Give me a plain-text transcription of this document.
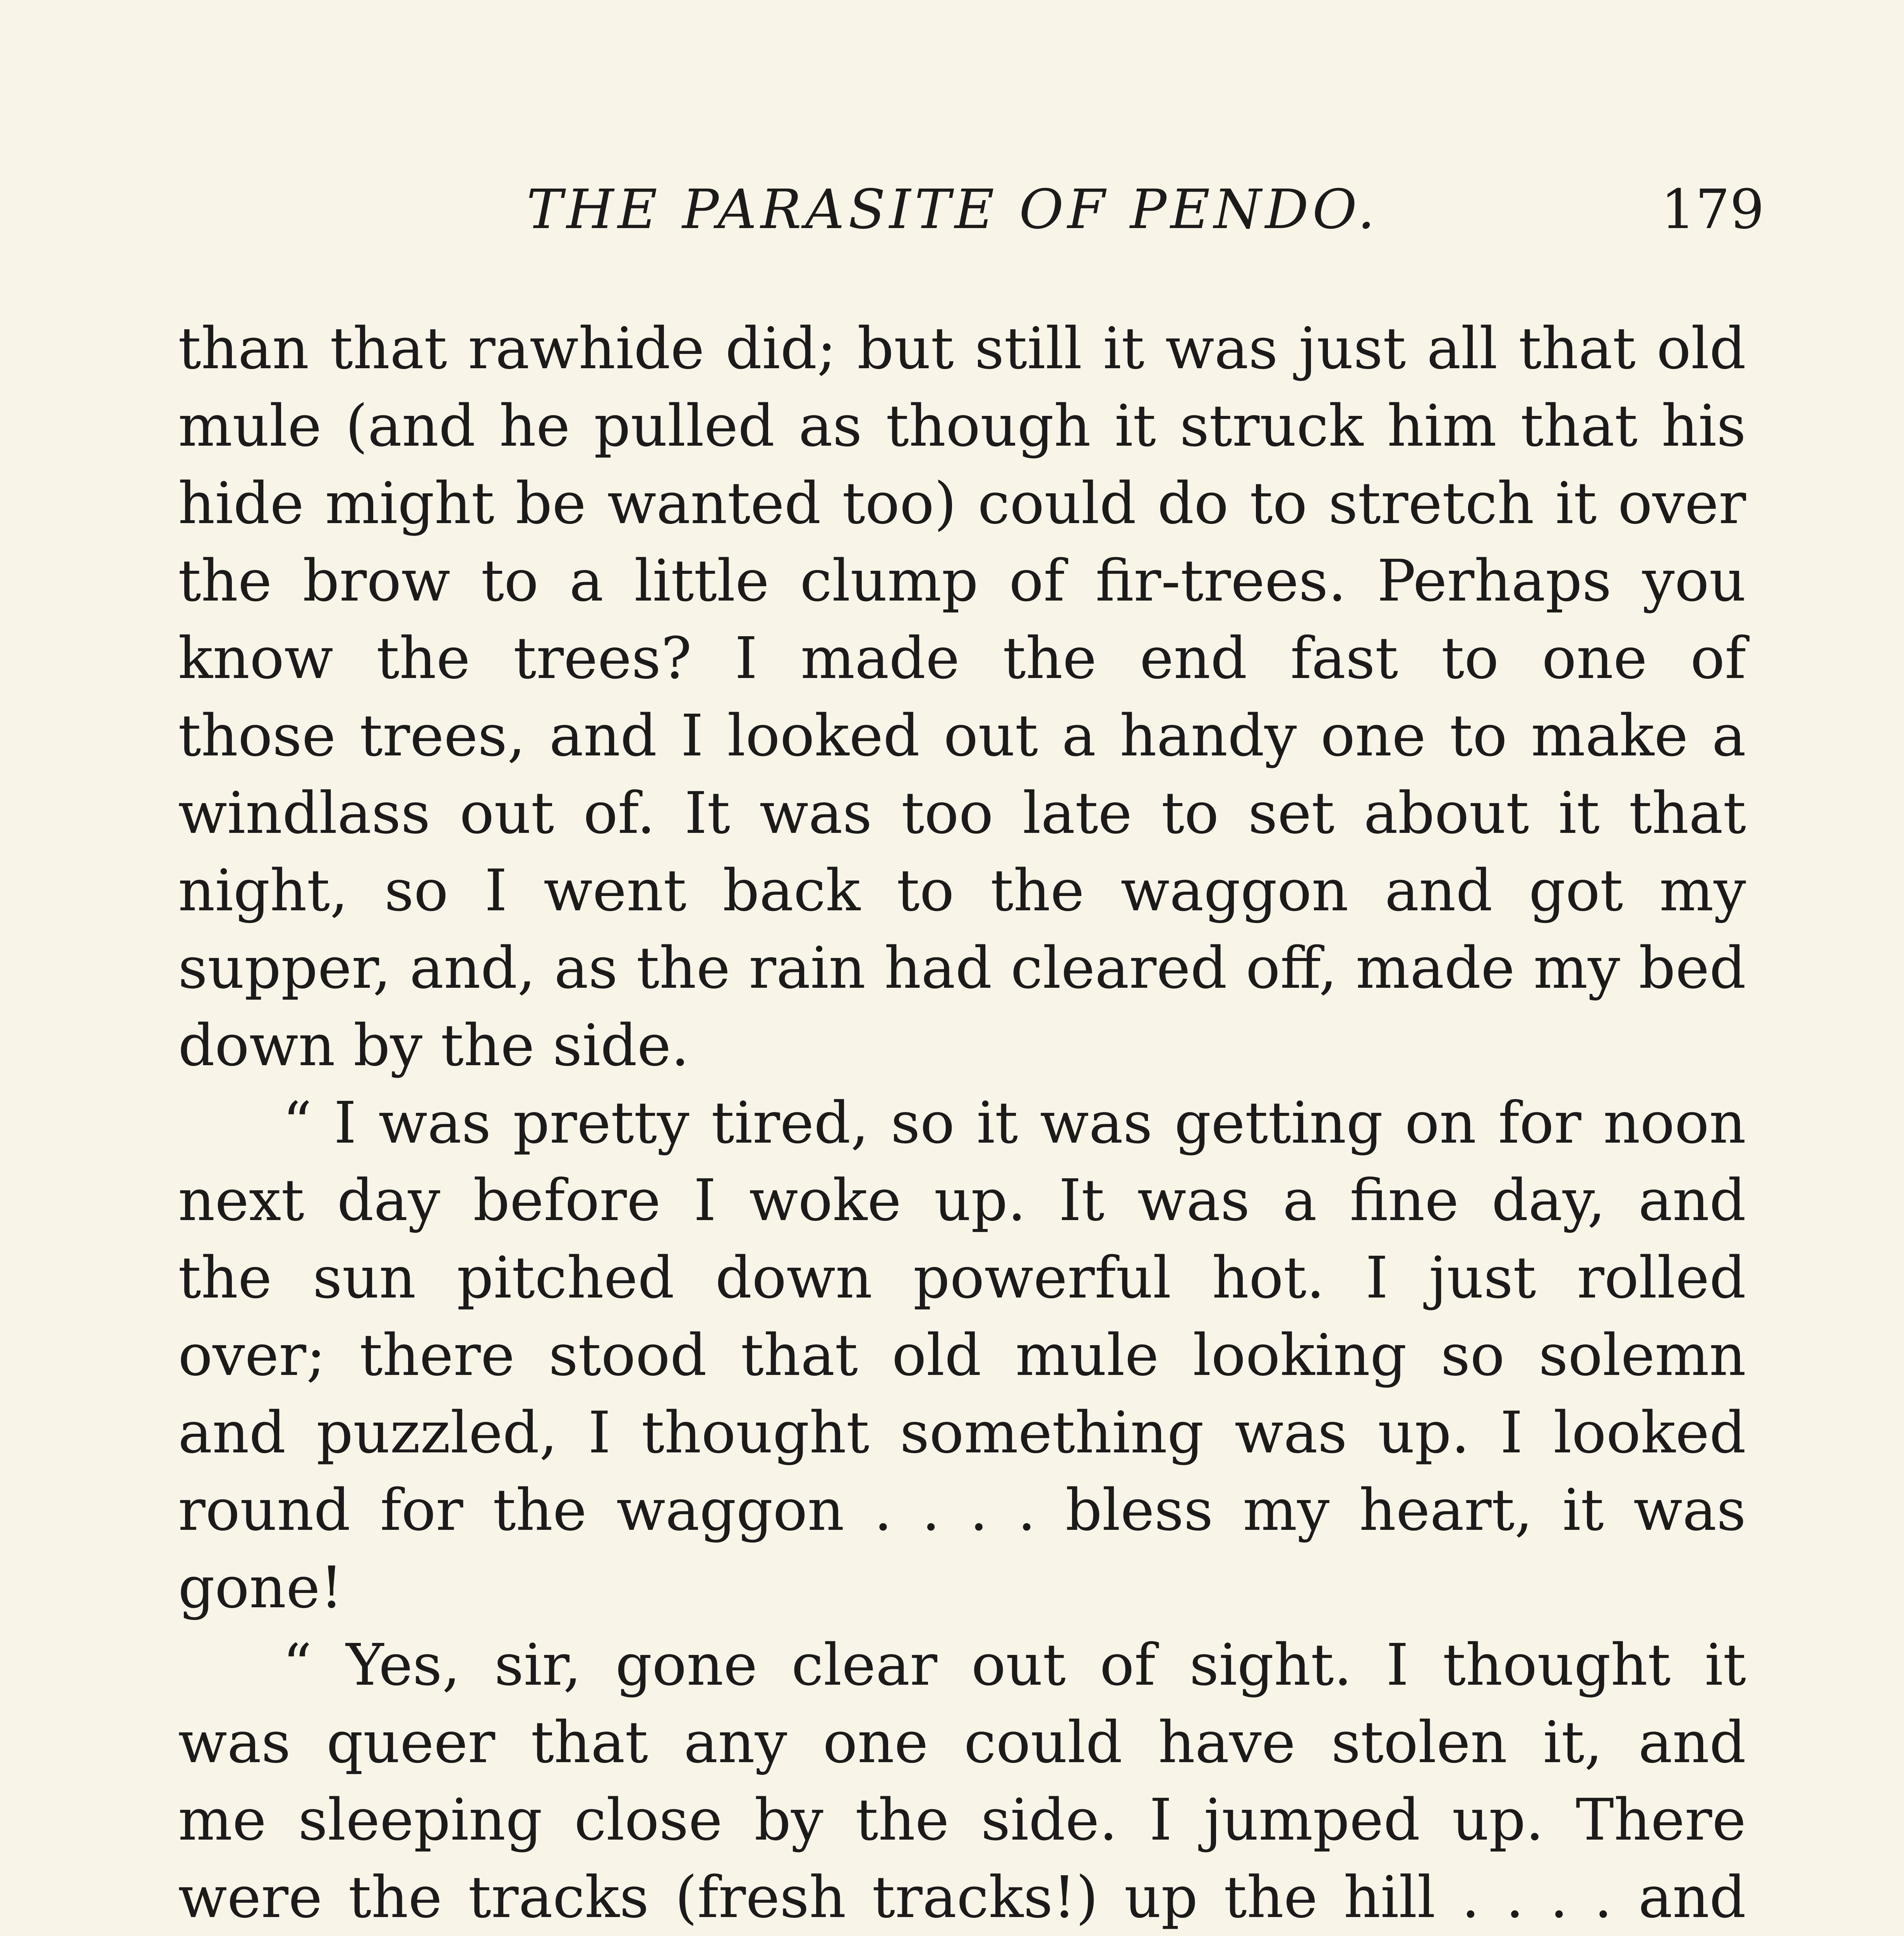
THE PARASITE OF PENDO.	179
than that rawhide did; but still it was just all that old
mule (and he pulled as though it struck him that his
hide might be wanted too) could do to stretch it over
the brow to a little clump of fir-trees. Perhaps you
know the trees? I made the end fast to one of
those trees, and I looked out a handy one to make a
windlass out of. It was too late to set about it that
night, so I went back to the waggon and got my
supper, and, as the rain had cleared off, made my bed
down by the side.
“ I was pretty tired, so it was getting on for noon
next day before I woke up. It was a fine day, and
the sun pitched down powerful hot. I just rolled
over; there stood that old mule looking so solemn
and puzzled, I thought something was up. I looked
round for the waggon . . . . bless my heart, it was
gone!
“ Yes, sir, gone clear out of sight. I thought it
was queer that any one could have stolen it, and
me sleeping close by the side. I jumped up. There
were the tracks (fresh tracks!) up the hill . . . . and
